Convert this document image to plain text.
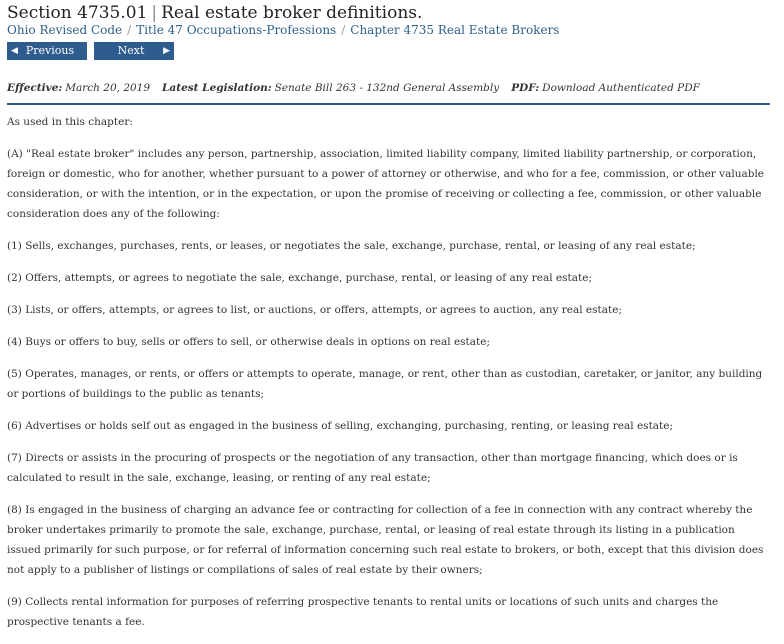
Section 4735.01 | Real estate broker definitions.
Ohio Revised Code / Title 47 Occupations-Professions / Chapter 4735 Real Estate Brokers
◀ Previous	Next	▶
Effective: March 20, 2019 Latest Legislation: Senate Bill 263 - 132nd General Assembly PDF: Download Authenticated PDF

As used in this chapter:

(A) "Real estate broker" includes any person, partnership, association, limited liability company, limited liability partnership, or corporation, foreign or domestic, who for another, whether pursuant to a power of attorney or otherwise, and who for a fee, commission, or other valuable consideration, or with the intention, or in the expectation, or upon the promise of receiving or collecting a fee, commission, or other valuable consideration does any of the following:

(1) Sells, exchanges, purchases, rents, or leases, or negotiates the sale, exchange, purchase, rental, or leasing of any real estate;

(2) Offers, attempts, or agrees to negotiate the sale, exchange, purchase, rental, or leasing of any real estate;

(3) Lists, or offers, attempts, or agrees to list, or auctions, or offers, attempts, or agrees to auction, any real estate;

(4) Buys or offers to buy, sells or offers to sell, or otherwise deals in options on real estate;

(5) Operates, manages, or rents, or offers or attempts to operate, manage, or rent, other than as custodian, caretaker, or janitor, any building or portions of buildings to the public as tenants;

(6) Advertises or holds self out as engaged in the business of selling, exchanging, purchasing, renting, or leasing real estate;

(7) Directs or assists in the procuring of prospects or the negotiation of any transaction, other than mortgage financing, which does or is calculated to result in the sale, exchange, leasing, or renting of any real estate;

(8) Is engaged in the business of charging an advance fee or contracting for collection of a fee in connection with any contract whereby the broker undertakes primarily to promote the sale, exchange, purchase, rental, or leasing of real estate through its listing in a publication issued primarily for such purpose, or for referral of information concerning such real estate to brokers, or both, except that this division does not apply to a publisher of listings or compilations of sales of real estate by their owners;

(9) Collects rental information for purposes of referring prospective tenants to rental units or locations of such units and charges the prospective tenants a fee.
